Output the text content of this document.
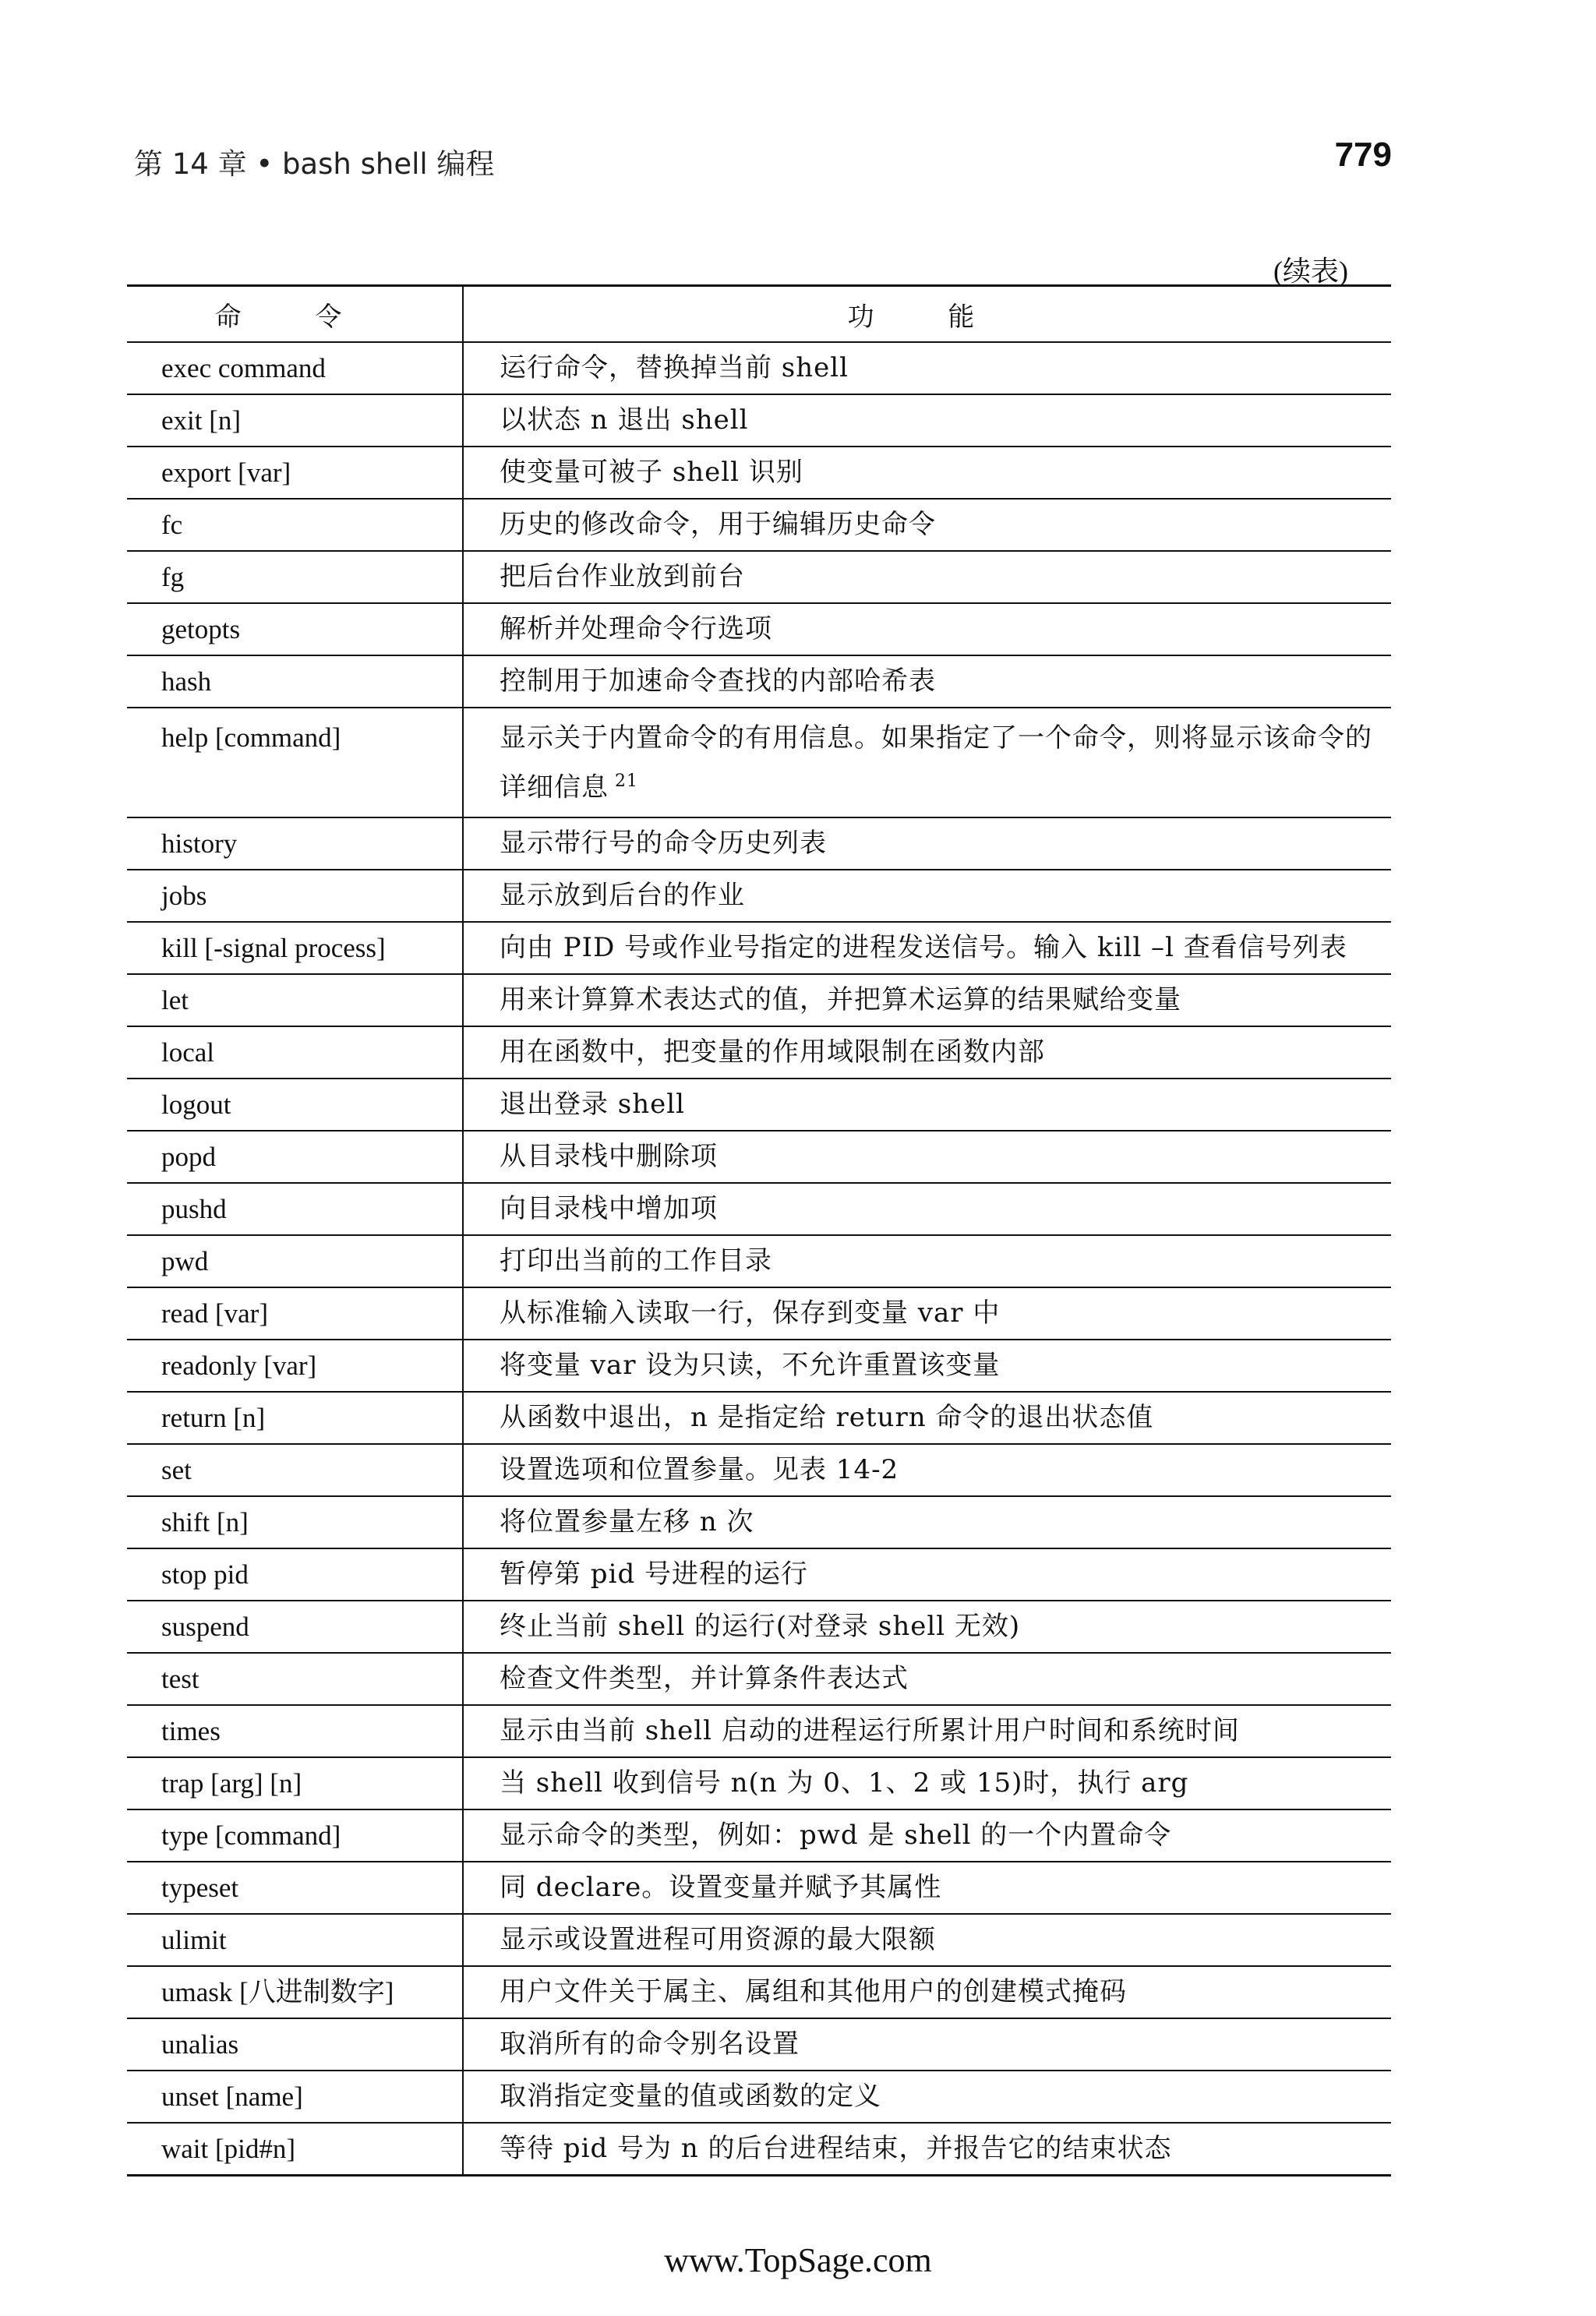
第 14 章 • bash shell 编程	779
(续表)
命 令	功 能
exec command	运行命令，替换掉当前 shell
exit [n]	以状态 n 退出 shell
export [var]	使变量可被子 shell 识别
fc	历史的修改命令，用于编辑历史命令
fg	把后台作业放到前台
getopts	解析并处理命令行选项
hash	控制用于加速命令查找的内部哈希表
help [command]	显示关于内置命令的有用信息。如果指定了一个命令，则将显示该命令的详细信息 $^{21}$
history	显示带行号的命令历史列表
jobs	显示放到后台的作业
kill [-signal process]	向由 PID 号或作业号指定的进程发送信号。输入 kill –l 查看信号列表
let	用来计算算术表达式的值，并把算术运算的结果赋给变量
local	用在函数中，把变量的作用域限制在函数内部
logout	退出登录 shell
popd	从目录栈中删除项
pushd	向目录栈中增加项
pwd	打印出当前的工作目录
read [var]	从标准输入读取一行，保存到变量 var 中
readonly [var]	将变量 var 设为只读，不允许重置该变量
return [n]	从函数中退出，n 是指定给 return 命令的退出状态值
set	设置选项和位置参量。见表 14-2
shift [n]	将位置参量左移 n 次
stop pid	暂停第 pid 号进程的运行
suspend	终止当前 shell 的运行(对登录 shell 无效)
test	检查文件类型，并计算条件表达式
times	显示由当前 shell 启动的进程运行所累计用户时间和系统时间
trap [arg] [n]	当 shell 收到信号 n(n 为 0、1、2 或 15)时，执行 arg
type [command]	显示命令的类型，例如：pwd 是 shell 的一个内置命令
typeset	同 declare。设置变量并赋予其属性
ulimit	显示或设置进程可用资源的最大限额
umask [八进制数字]	用户文件关于属主、属组和其他用户的创建模式掩码
unalias	取消所有的命令别名设置
unset [name]	取消指定变量的值或函数的定义
wait [pid#n]	等待 pid 号为 n 的后台进程结束，并报告它的结束状态
www.TopSage.com
